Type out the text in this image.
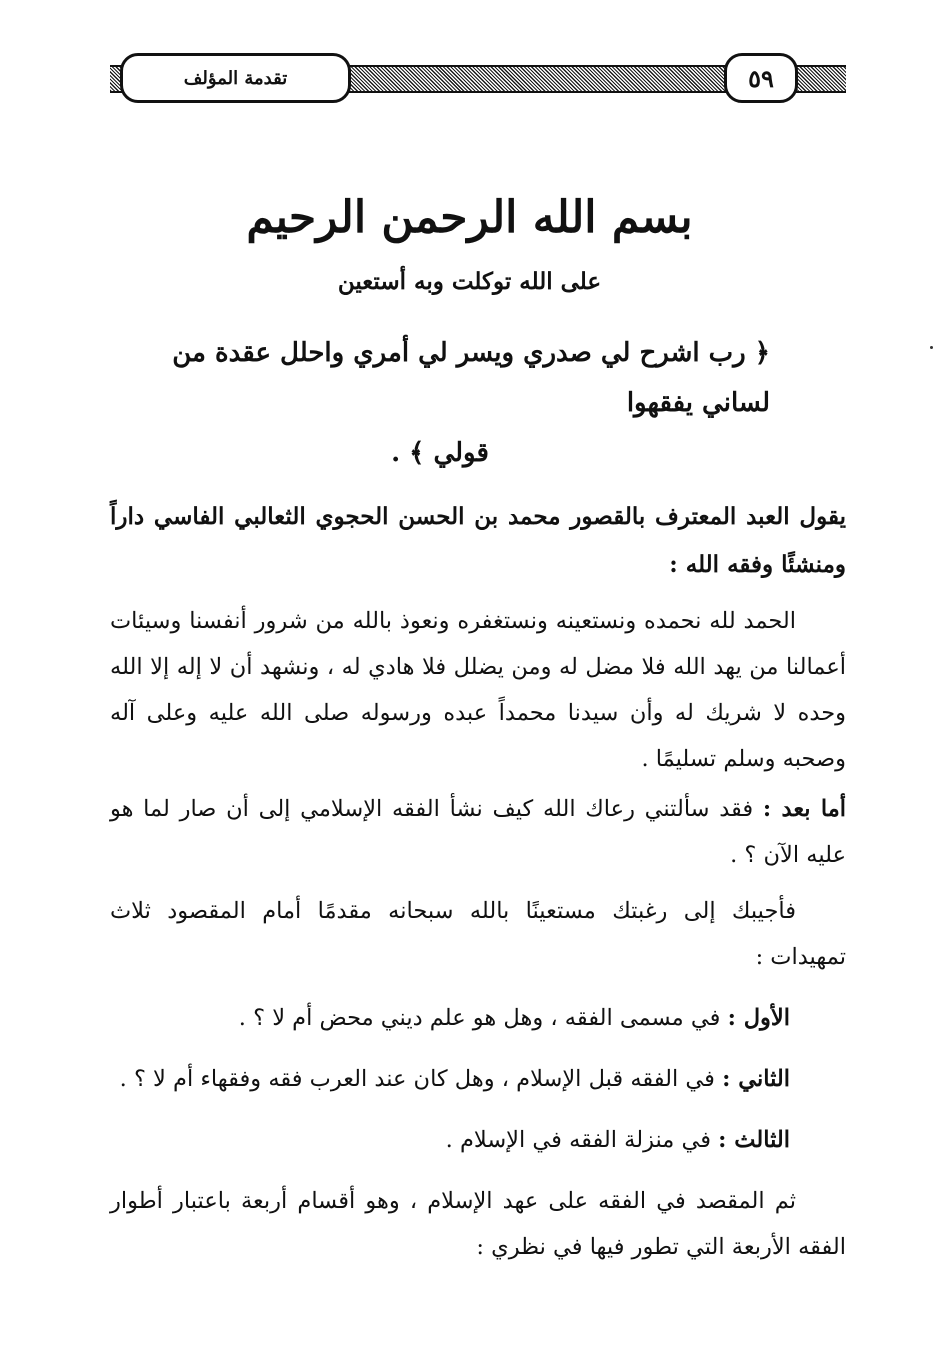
تقدمة المؤلف	٥٩
بسم الله الرحمن الرحيم
على الله توكلت وبه أستعين
﴿ رب اشرح لي صدري ويسر لي أمري واحلل عقدة من لساني يفقهوا
قولي ﴾ .
يقول العبد المعترف بالقصور محمد بن الحسن الحجوي الثعالبي الفاسي داراً ومنشئًا وفقه الله :
الحمد لله نحمده ونستعينه ونستغفره ونعوذ بالله من شرور أنفسنا وسيئات أعمالنا من يهد الله فلا مضل له ومن يضلل فلا هادي له ، ونشهد أن لا إله إلا الله وحده لا شريك له وأن سيدنا محمداً عبده ورسوله صلى الله عليه وعلى آله وصحبه وسلم تسليمًا .
أما بعد : فقد سألتني رعاك الله كيف نشأ الفقه الإسلامي إلى أن صار لما هو عليه الآن ؟ .
فأجيبك إلى رغبتك مستعينًا بالله سبحانه مقدمًا أمام المقصود ثلاث تمهيدات :
الأول : في مسمى الفقه ، وهل هو علم ديني محض أم لا ؟ .
الثاني : في الفقه قبل الإسلام ، وهل كان عند العرب فقه وفقهاء أم لا ؟ .
الثالث : في منزلة الفقه في الإسلام .
ثم المقصد في الفقه على عهد الإسلام ، وهو أقسام أربعة باعتبار أطوار الفقه الأربعة التي تطور فيها في نظري :
